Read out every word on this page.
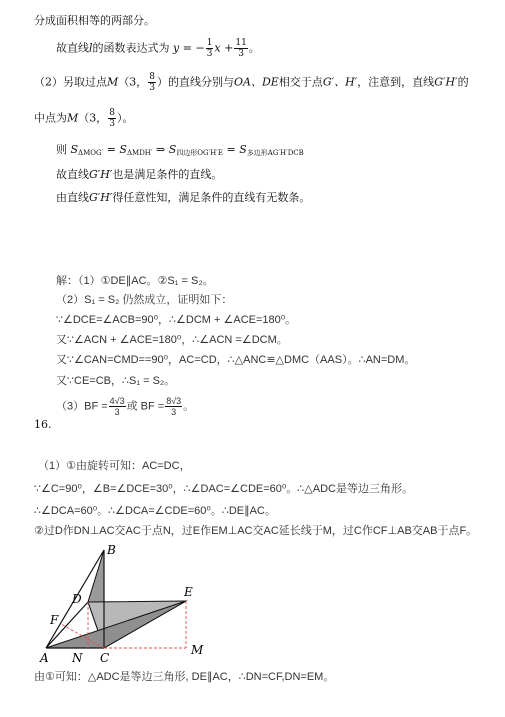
分成面积相等的两部分。
故直线l的函数表达式为 y = − $\frac{1}{3}$ $x + \frac{11}{3}$ 。
（2）另取过点M（3， $\frac{8}{3}$ ）的直线分别与OA、DE相交于点G′、H′，注意到，直线G′H′的
中点为M（3， $\frac{8}{3}$ ）。
则 $S_{\Delta MOG'} = S_{\Delta MDH'}$ ⇒ $S_{四边形OG'H'E} = S_{多边形AG'H'DCB}$
故直线G′H′也是满足条件的直线。
由直线G′H′得任意性知，满足条件的直线有无数条。
解：（1）①DE∥AC。②S₁ = S₂。
（2）S₁ = S₂ 仍然成立，证明如下：
∵∠DCE=∠ACB=90⁰，∴∠DCM + ∠ACE=180⁰。
又∵∠ACN + ∠ACE=180⁰，∴∠ACN =∠DCM。
又∵∠CAN=CMD==90⁰，AC=CD，∴△ANC≌△DMC（AAS）。∴AN=DM。
又∵CE=CB，∴S₁ = S₂。
$(3)BF = \frac{4√3}{3}$ 或 BF = $\frac{8√3}{3}$ 。
16.
（1）①由旋转可知：AC=DC，
∵∠C=90⁰，∠B=∠DCE=30⁰，∴∠DAC=∠CDE=60⁰。∴△ADC是等边三角形。
∴∠DCA=60⁰。∴∠DCA=∠CDE=60⁰。∴DE∥AC。
②过D作DN⊥AC交AC于点N，过E作EM⊥AC交AC延长线于M，过C作CF⊥AB交AB于点F。
B
D	E
F
A N C
M
由①可知：△ADC是等边三角形, DE∥AC，∴DN=CF,DN=EM。
